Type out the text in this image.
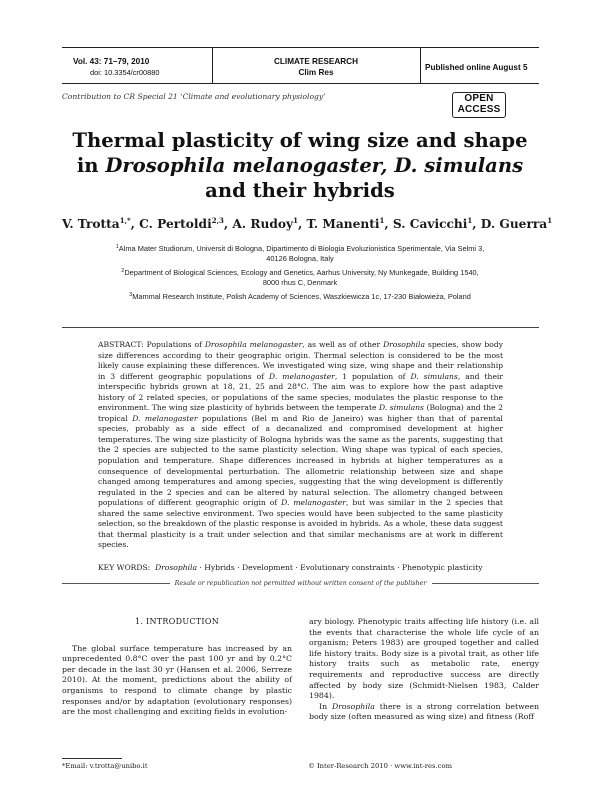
Vol. 43: 71–79, 2010
doi: 10.3354/cr00880
CLIMATE RESEARCH
Clim Res
Published online August 5
Contribution to CR Special 21 ‘Climate and evolutionary physiology’	OPEN
ACCESS
Thermal plasticity of wing size and shape in Drosophila melanogaster, D. simulans and their hybrids
V. Trotta$^{1,*}$, C. Pertoldi$^{2,3}$, A. Rudoy$^1$, T. Manenti$^1$, S. Cavicchi$^1$, D. Guerra$^1$
$^1$Alma Mater Studiorum, Universit di Bologna, Dipartimento di Biologia Evoluzionistica Sperimentale, Via Selmi 3,
40126 Bologna, Italy
$^2$Department of Biological Sciences, Ecology and Genetics, Aarhus University, Ny Munkegade, Building 1540,
8000 rhus C, Denmark
$^3$Mammal Research Institute, Polish Academy of Sciences, Waszkiewicza 1c, 17-230 Białowieża, Poland

ABSTRACT: Populations of Drosophila melanogaster, as well as of other Drosophila species, show body size differences according to their geographic origin. Thermal selection is considered to be the most likely cause explaining these differences. We investigated wing size, wing shape and their relationship in 3 different geographic populations of D. melanogaster, 1 population of D. simulans, and their interspecific hybrids grown at 18, 21, 25 and 28°C. The aim was to explore how the past adaptive history of 2 related species, or populations of the same species, modulates the plastic response to the environment. The wing size plasticity of hybrids between the temperate D. simulans (Bologna) and the 2 tropical D. melanogaster populations (Bel m and Rio de Janeiro) was higher than that of parental species, probably as a side effect of a decanalized and compromised development at higher temperatures. The wing size plasticity of Bologna hybrids was the same as the parents, suggesting that the 2 species are subjected to the same plasticity selection. Wing shape was typical of each species, population and temperature. Shape differences increased in hybrids at higher temperatures as a consequence of developmental perturbation. The allometric relationship between size and shape changed among temperatures and among species, suggesting that the wing development is differently regulated in the 2 species and can be altered by natural selection. The allometry changed between populations of different geographic origin of D. melanogaster, but was similar in the 2 species that shared the same selective environment. Two species would have been subjected to the same plasticity selection, so the breakdown of the plastic response is avoided in hybrids. As a whole, these data suggest that thermal plasticity is a trait under selection and that similar mechanisms are at work in different species.

KEY WORDS: Drosophila · Hybrids · Development · Evolutionary constraints · Phenotypic plasticity
Resale or republication not permitted without written consent of the publisher
1. INTRODUCTION

The global surface temperature has increased by an unprecedented 0.8°C over the past 100 yr and by 0.2°C per decade in the last 30 yr (Hansen et al. 2006, Serreze 2010). At the moment, predictions about the ability of organisms to respond to climate change by plastic responses and/or by adaptation (evolutionary responses) are the most challenging and exciting fields in evolution-

ary biology. Phenotypic traits affecting life history (i.e. all the events that characterise the whole life cycle of an organism; Peters 1983) are grouped together and called life history traits. Body size is a pivotal trait, as other life history traits such as metabolic rate, energy requirements and reproductive success are directly affected by body size (Schmidt-Nielsen 1983, Calder 1984).

In Drosophila there is a strong correlation between body size (often measured as wing size) and fitness (Roff

*Email: v.trotta@unibo.it	© Inter-Research 2010 · www.int-res.com
